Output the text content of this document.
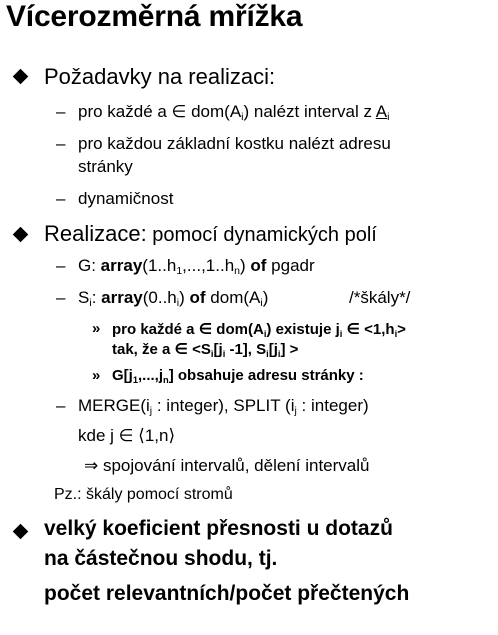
Vícerozměrná mřížka
Požadavky na realizaci:
– pro každé a ∈ $dom(A_i)$ nalézt interval z $A_i$
– pro každou základní kostku nalézt adresu
stránky
– dynamičnost
Realizace: pomocí dynamických polí
– G: $array(1..h_1,...,1..h_n)$ of pgadr
– $S_i$: $array(0..h_i)$ of $dom(A_i)$	/*škály*/
» pro každé a ∈ $dom(A_i)$ existuje $j_i$ ∈ $<1,h_i>$
tak, že a ∈ $<S_i[j_i$ -1], $S_i[j_i]$ >
» $G[j_1,...,j_n]$ obsahuje adresu stránky :
– $MERGE(i_j$ : integer), SPLIT ($i_j$ : integer)
kde j ∈ ⟨1,n⟩
⇒ spojování intervalů, dělení intervalů
Pz.: škály pomocí stromů
velký koeficient přesnosti u dotazů
na částečnou shodu, tj.
počet relevantních/počet přečtených
